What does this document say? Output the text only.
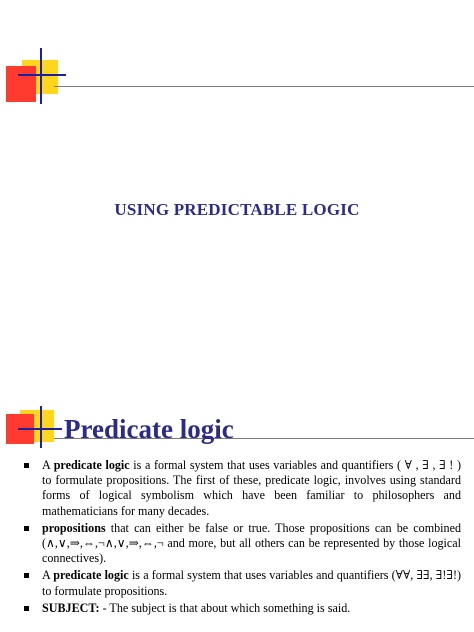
USING PREDICTABLE LOGIC
Predicate logic
A predicate logic is a formal system that uses variables and quantifiers ( ∀ , ∃ , ∃ ! ) to formulate propositions. The first of these, predicate logic, involves using standard forms of logical symbolism which have been familiar to philosophers and mathematicians for many decades.
propositions that can either be false or true. Those propositions can be combined (∧,∨,⇒,⇔,¬∧,∨,⇒,⇔,¬ and more, but all others can be represented by those logical connectives).
A predicate logic is a formal system that uses variables and quantifiers (∀∀, ∃∃, ∃!∃!) to formulate propositions.
SUBJECT: - The subject is that about which something is said.
